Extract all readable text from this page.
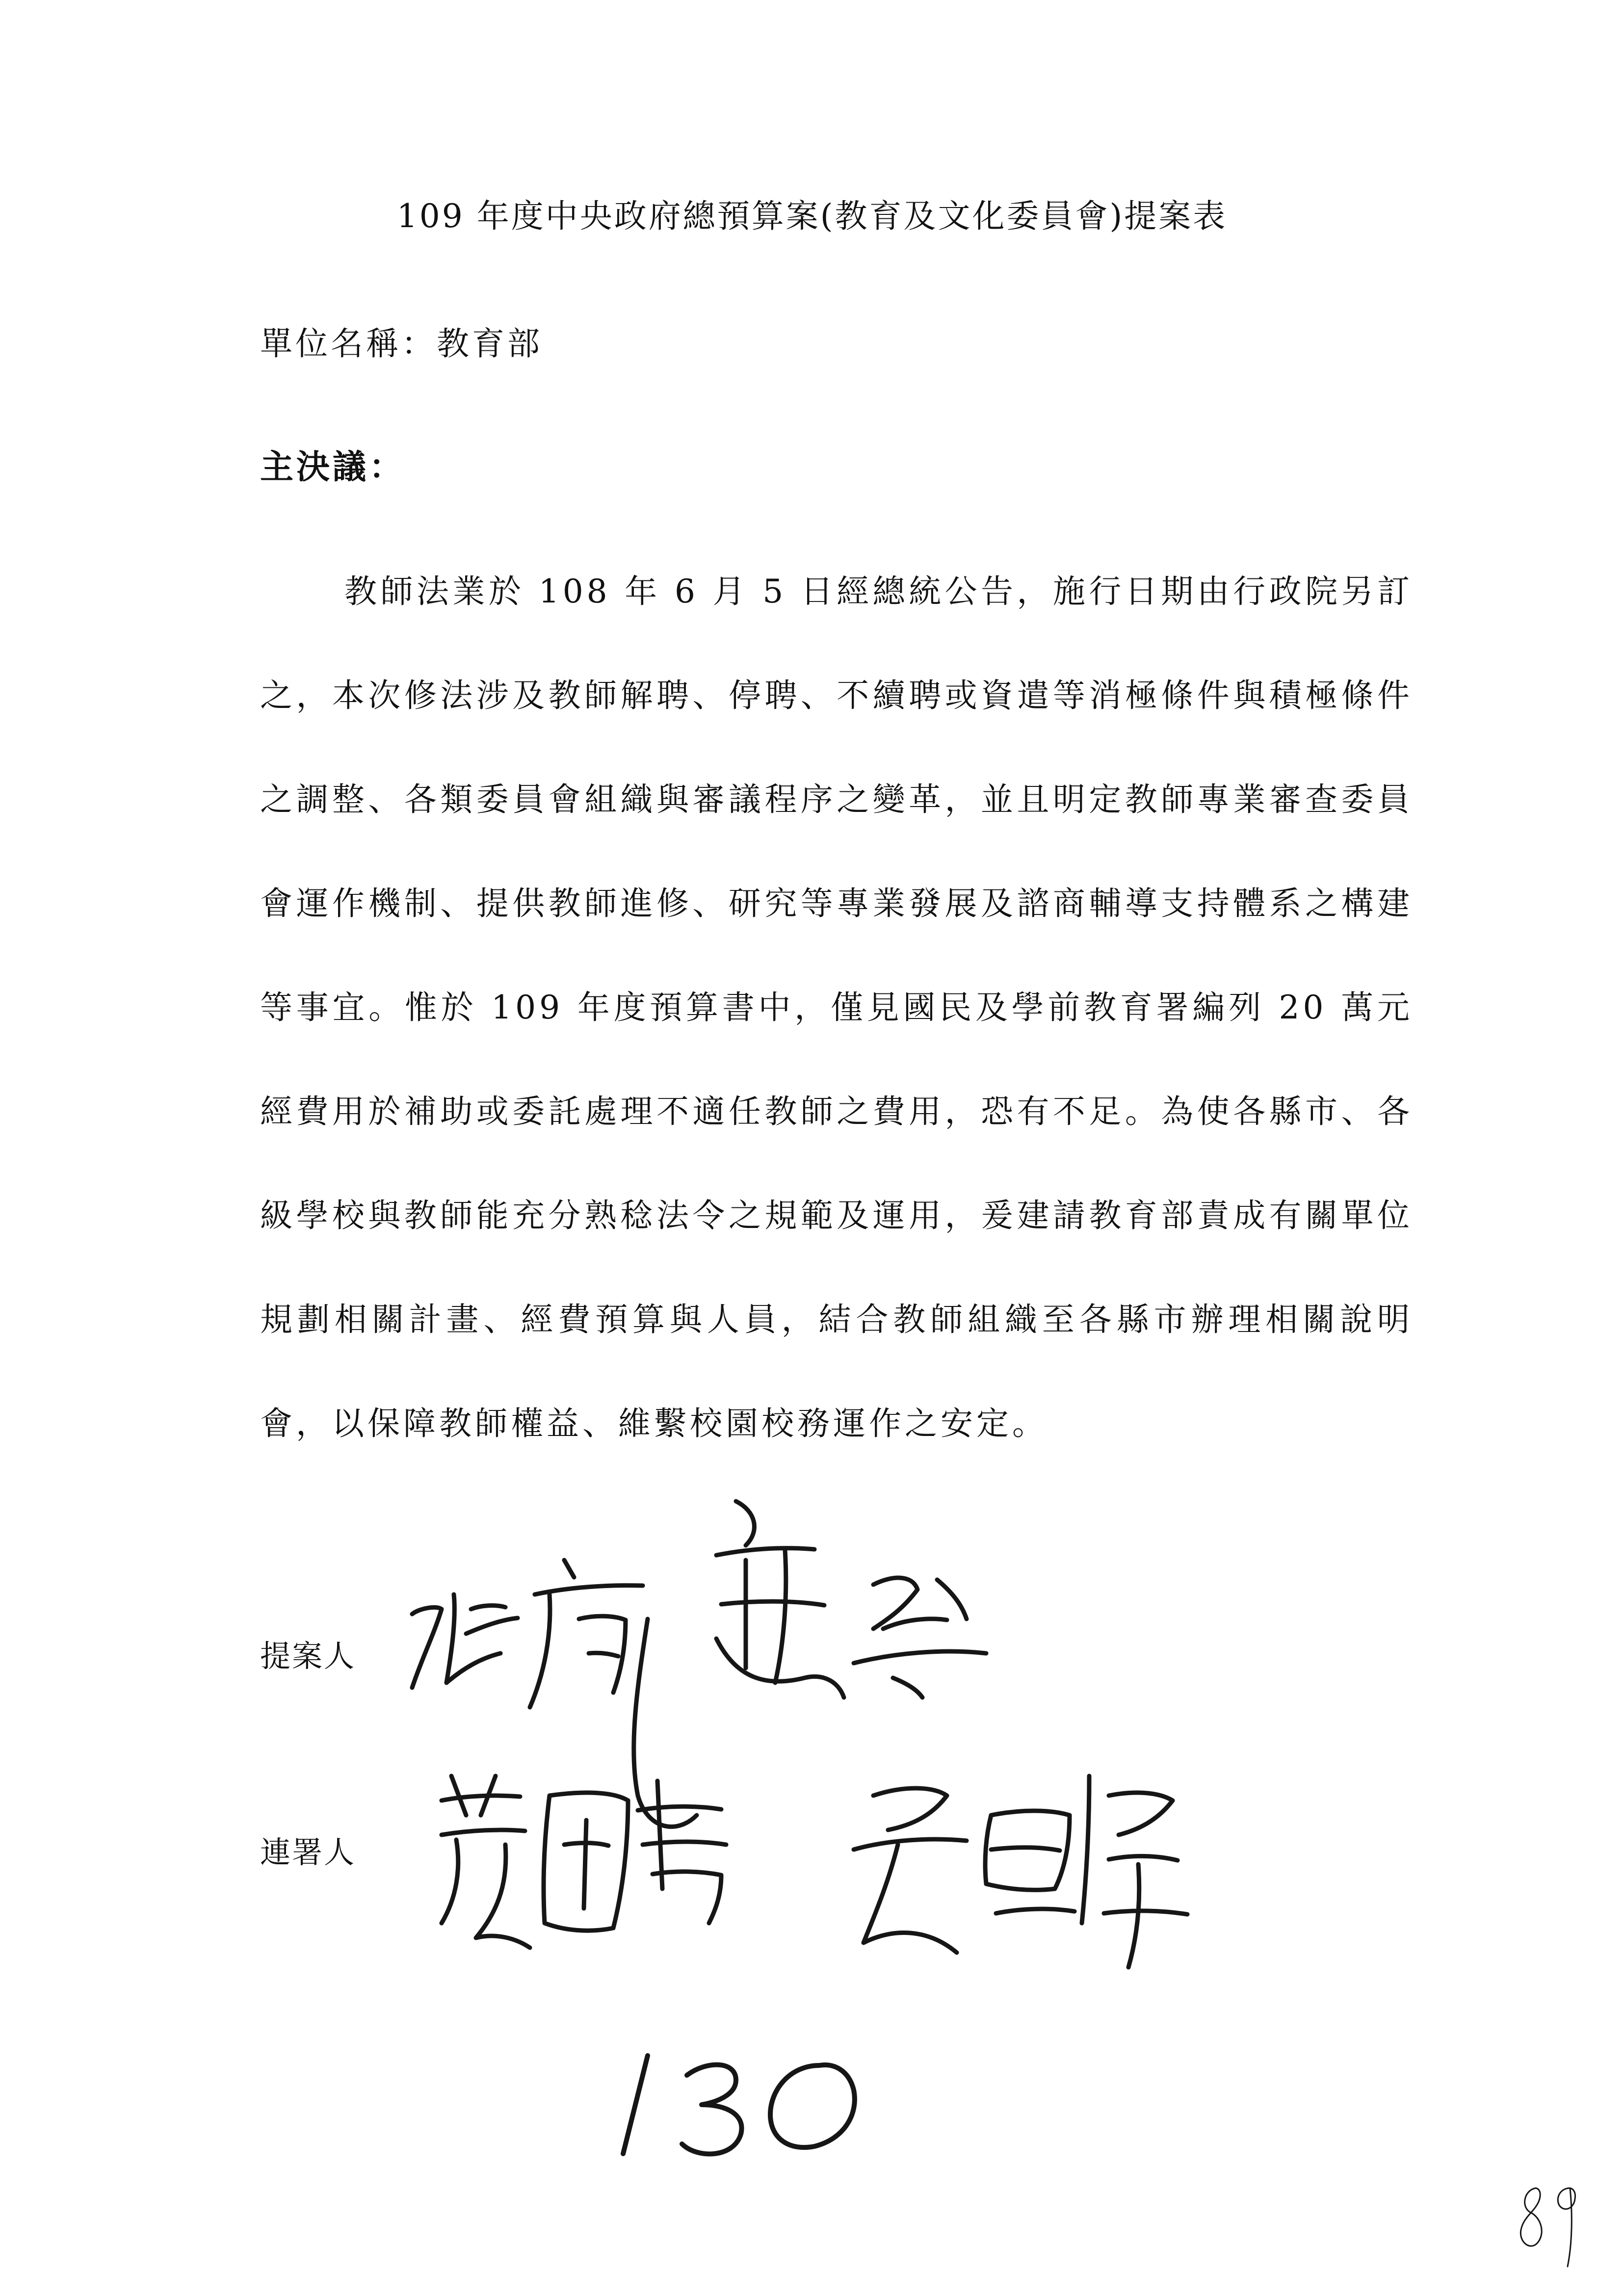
109 年度中央政府總預算案(教育及文化委員會)提案表
單位名稱：教育部
主決議：

教師法業於 108 年 6 月 5 日經總統公告，施行日期由行政院另訂之，本次修法涉及教師解聘、停聘、不續聘或資遣等消極條件與積極條件之調整、各類委員會組織與審議程序之變革，並且明定教師專業審查委員會運作機制、提供教師進修、研究等專業發展及諮商輔導支持體系之構建等事宜。惟於 109 年度預算書中，僅見國民及學前教育署編列 20 萬元經費用於補助或委託處理不適任教師之費用，恐有不足。為使各縣市、各級學校與教師能充分熟稔法令之規範及運用，爰建請教育部責成有關單位規劃相關計畫、經費預算與人員，結合教師組織至各縣市辦理相關說明會，以保障教師權益、維繫校園校務運作之安定。

提案人
連署人
